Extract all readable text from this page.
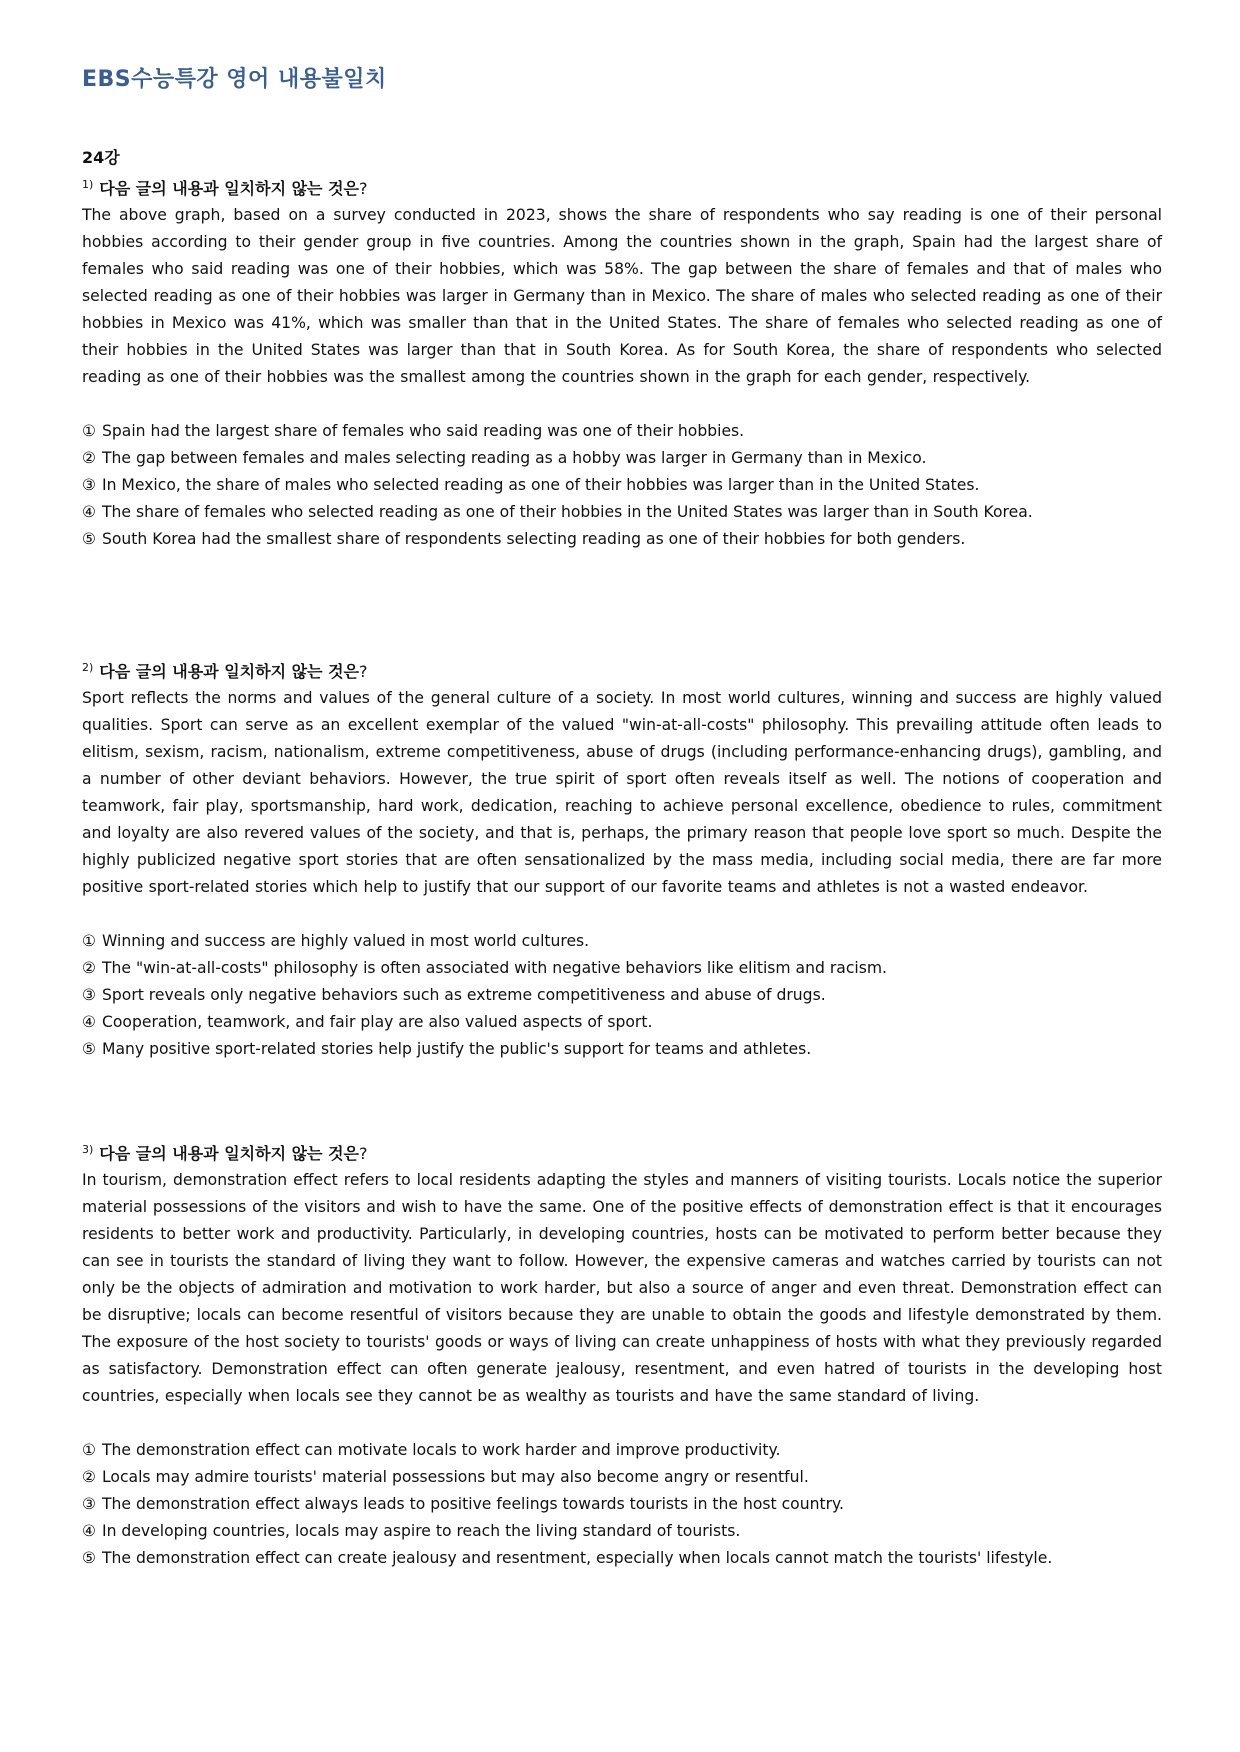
EBS수능특강 영어 내용불일치
24강

$^{1)}$ 다음 글의 내용과 일치하지 않는 것은?

The above graph, based on a survey conducted in 2023, shows the share of respondents who say reading is one of their personal hobbies according to their gender group in five countries. Among the countries shown in the graph, Spain had the largest share of females who said reading was one of their hobbies, which was 58%. The gap between the share of females and that of males who selected reading as one of their hobbies was larger in Germany than in Mexico. The share of males who selected reading as one of their hobbies in Mexico was 41%, which was smaller than that in the United States. The share of females who selected reading as one of their hobbies in the United States was larger than that in South Korea. As for South Korea, the share of respondents who selected reading as one of their hobbies was the smallest among the countries shown in the graph for each gender, respectively.

① Spain had the largest share of females who said reading was one of their hobbies.
② The gap between females and males selecting reading as a hobby was larger in Germany than in Mexico.
③ In Mexico, the share of males who selected reading as one of their hobbies was larger than in the United States.
④ The share of females who selected reading as one of their hobbies in the United States was larger than in South Korea.
⑤ South Korea had the smallest share of respondents selecting reading as one of their hobbies for both genders.

$^{2)}$ 다음 글의 내용과 일치하지 않는 것은?

Sport reflects the norms and values of the general culture of a society. In most world cultures, winning and success are highly valued qualities. Sport can serve as an excellent exemplar of the valued "win-at-all-costs" philosophy. This prevailing attitude often leads to elitism, sexism, racism, nationalism, extreme competitiveness, abuse of drugs (including performance-enhancing drugs), gambling, and a number of other deviant behaviors. However, the true spirit of sport often reveals itself as well. The notions of cooperation and teamwork, fair play, sportsmanship, hard work, dedication, reaching to achieve personal excellence, obedience to rules, commitment and loyalty are also revered values of the society, and that is, perhaps, the primary reason that people love sport so much. Despite the highly publicized negative sport stories that are often sensationalized by the mass media, including social media, there are far more positive sport-related stories which help to justify that our support of our favorite teams and athletes is not a wasted endeavor.

① Winning and success are highly valued in most world cultures.
② The "win-at-all-costs" philosophy is often associated with negative behaviors like elitism and racism.
③ Sport reveals only negative behaviors such as extreme competitiveness and abuse of drugs.
④ Cooperation, teamwork, and fair play are also valued aspects of sport.
⑤ Many positive sport-related stories help justify the public's support for teams and athletes.

$^{3)}$ 다음 글의 내용과 일치하지 않는 것은?

In tourism, demonstration effect refers to local residents adapting the styles and manners of visiting tourists. Locals notice the superior material possessions of the visitors and wish to have the same. One of the positive effects of demonstration effect is that it encourages residents to better work and productivity. Particularly, in developing countries, hosts can be motivated to perform better because they can see in tourists the standard of living they want to follow. However, the expensive cameras and watches carried by tourists can not only be the objects of admiration and motivation to work harder, but also a source of anger and even threat. Demonstration effect can be disruptive; locals can become resentful of visitors because they are unable to obtain the goods and lifestyle demonstrated by them. The exposure of the host society to tourists' goods or ways of living can create unhappiness of hosts with what they previously regarded as satisfactory. Demonstration effect can often generate jealousy, resentment, and even hatred of tourists in the developing host countries, especially when locals see they cannot be as wealthy as tourists and have the same standard of living.

① The demonstration effect can motivate locals to work harder and improve productivity.
② Locals may admire tourists' material possessions but may also become angry or resentful.
③ The demonstration effect always leads to positive feelings towards tourists in the host country.
④ In developing countries, locals may aspire to reach the living standard of tourists.
⑤ The demonstration effect can create jealousy and resentment, especially when locals cannot match the tourists' lifestyle.
